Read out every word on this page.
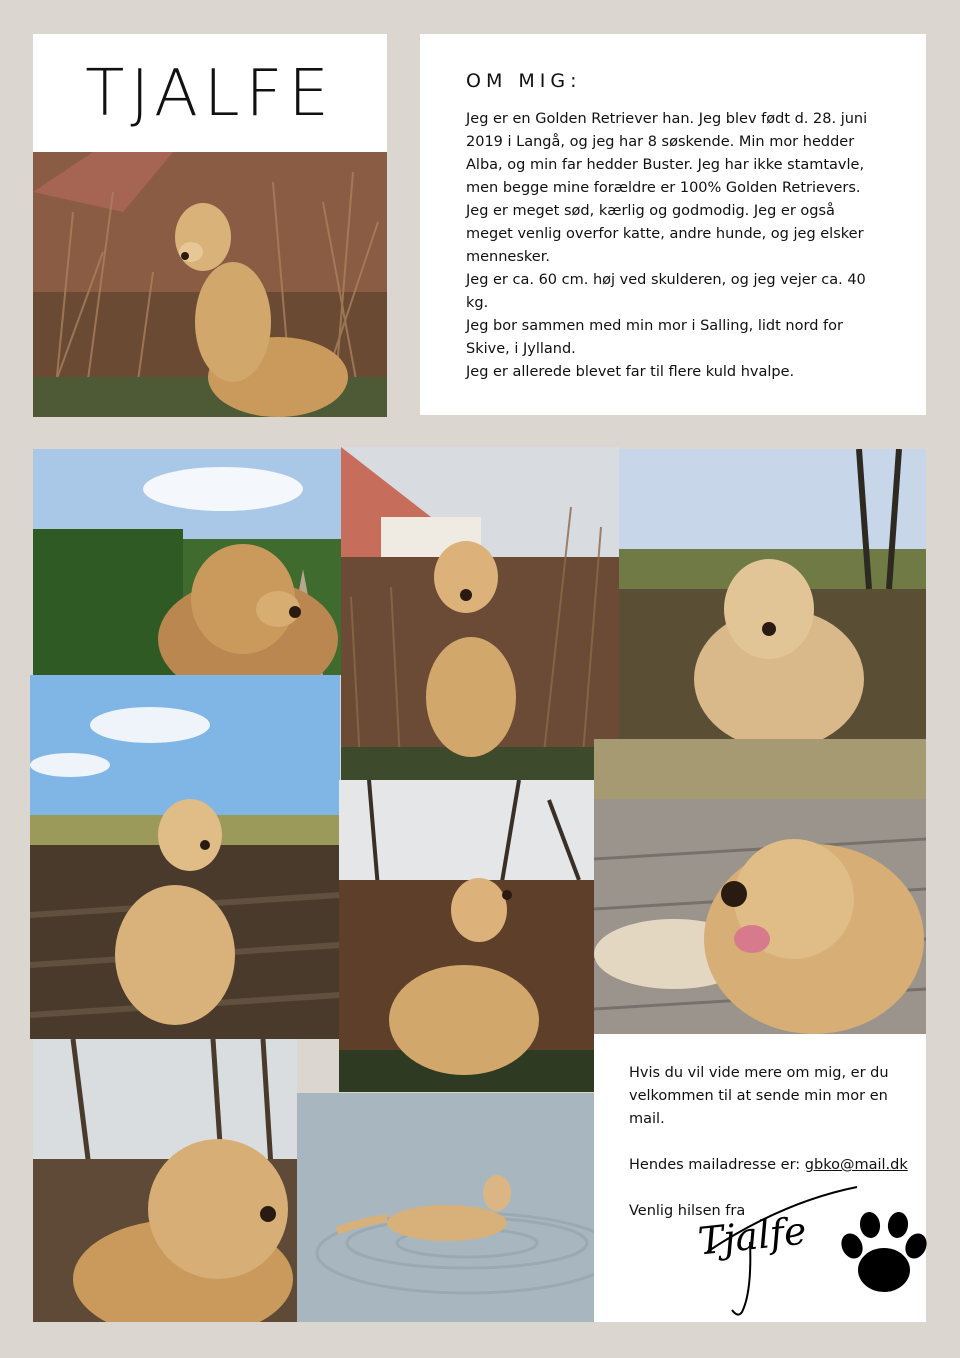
TJALFE	OM MIG:

Jeg er en Golden Retriever han. Jeg blev født d. 28. juni 2019 i Langå, og jeg har 8 søskende. Min mor hedder Alba, og min far hedder Buster. Jeg har ikke stamtavle, men begge mine forældre er 100% Golden Retrievers.

Jeg er meget sød, kærlig og godmodig. Jeg er også meget venlig overfor katte, andre hunde, og jeg elsker mennesker.

Jeg er ca. 60 cm. høj ved skulderen, og jeg vejer ca. 40 kg.

Jeg bor sammen med min mor i Salling, lidt nord for Skive, i Jylland.

Jeg er allerede blevet far til flere kuld hvalpe.

Hvis du vil vide mere om mig, er du velkommen til at sende min mor en mail.

Hendes mailadresse er: gbko@mail.dk

Venlig hilsen fra

Tjalfe
